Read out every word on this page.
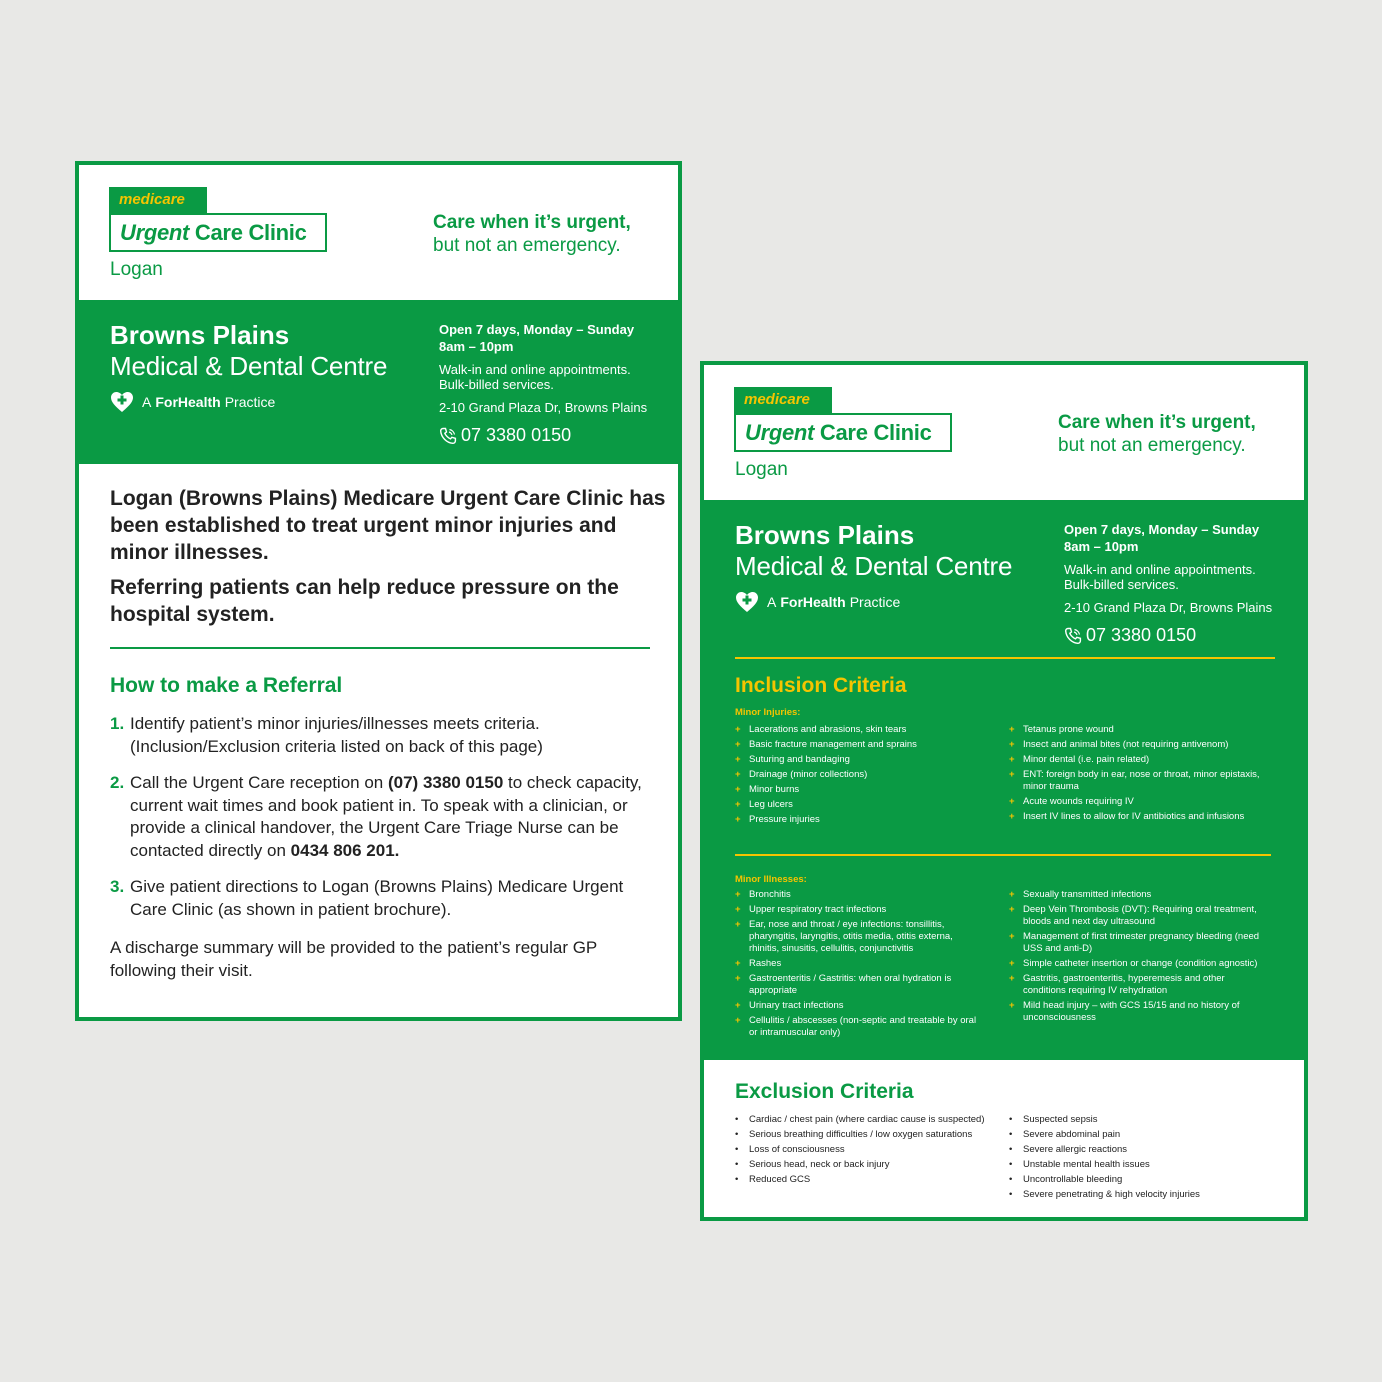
medicare
Urgent Care Clinic
Logan
Care when it’s urgent,
but not an emergency.
Browns Plains
Medical & Dental Centre
A ForHealth Practice
Open 7 days, Monday – Sunday
8am – 10pm
Walk-in and online appointments.
Bulk-billed services.
2-10 Grand Plaza Dr, Browns Plains
07 3380 0150
Logan (Browns Plains) Medicare Urgent Care Clinic has been established to treat urgent minor injuries and minor illnesses.
Referring patients can help reduce pressure on the hospital system.
How to make a Referral
1. Identify patient’s minor injuries/illnesses meets criteria. (Inclusion/Exclusion criteria listed on back of this page)
2. Call the Urgent Care reception on (07) 3380 0150 to check capacity, current wait times and book patient in. To speak with a clinician, or provide a clinical handover, the Urgent Care Triage Nurse can be contacted directly on 0434 806 201.
3. Give patient directions to Logan (Browns Plains) Medicare Urgent Care Clinic (as shown in patient brochure).
A discharge summary will be provided to the patient’s regular GP following their visit.
medicare
Urgent Care Clinic
Logan
Care when it’s urgent,
but not an emergency.
Browns Plains
Medical & Dental Centre
A ForHealth Practice
Open 7 days, Monday – Sunday
8am – 10pm
Walk-in and online appointments.
Bulk-billed services.
2-10 Grand Plaza Dr, Browns Plains
07 3380 0150
Inclusion Criteria
Minor Injuries:
+ Lacerations and abrasions, skin tears
+ Basic fracture management and sprains
+ Suturing and bandaging
+ Drainage (minor collections)
+ Minor burns
+ Leg ulcers
+ Pressure injuries
+ Tetanus prone wound
+ Insect and animal bites (not requiring antivenom)
+ Minor dental (i.e. pain related)
+ ENT: foreign body in ear, nose or throat, minor epistaxis, minor trauma
+ Acute wounds requiring IV
+ Insert IV lines to allow for IV antibiotics and infusions
Minor Illnesses:
+ Bronchitis
+ Upper respiratory tract infections
+ Ear, nose and throat / eye infections: tonsillitis, pharyngitis, laryngitis, otitis media, otitis externa, rhinitis, sinusitis, cellulitis, conjunctivitis
+ Rashes
+ Gastroenteritis / Gastritis: when oral hydration is appropriate
+ Urinary tract infections
+ Cellulitis / abscesses (non-septic and treatable by oral or intramuscular only)
+ Sexually transmitted infections
+ Deep Vein Thrombosis (DVT): Requiring oral treatment, bloods and next day ultrasound
+ Management of first trimester pregnancy bleeding (need USS and anti-D)
+ Simple catheter insertion or change (condition agnostic)
+ Gastritis, gastroenteritis, hyperemesis and other conditions requiring IV rehydration
+ Mild head injury – with GCS 15/15 and no history of unconsciousness
Exclusion Criteria
• Cardiac / chest pain (where cardiac cause is suspected)
• Serious breathing difficulties / low oxygen saturations
• Loss of consciousness
• Serious head, neck or back injury
• Reduced GCS
• Suspected sepsis
• Severe abdominal pain
• Severe allergic reactions
• Unstable mental health issues
• Uncontrollable bleeding
• Severe penetrating & high velocity injuries
